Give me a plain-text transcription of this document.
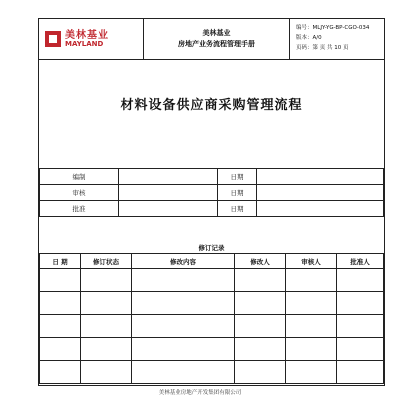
美林基业
MAYLAND
美林基业
房地产业务流程管理手册
编号：MLJY-YG-BP-CGO-034
版本：A/0
页码：第 页 共 10 页
材料设备供应商采购管理流程
编制		日期	
审核		日期	
批准		日期	
修订记录
日 期	修订状态	修改内容	修改人	审核人	批准人

美林基业房地产开发集团有限公司
